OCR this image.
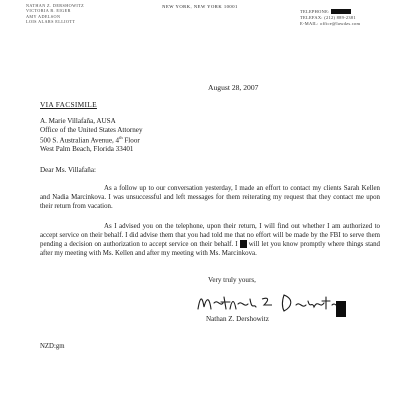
NATHAN Z. DERSHOWITZ
VICTORIA B. EIGER
AMY ADELSON
LOIS ALARS ELLIOTT
NEW YORK, NEW YORK 10001
TELEPHONE:
TELEFAX: (212) 889-2381
E-MAIL: office@lawdzs.com
August 28, 2007
VIA FACSIMILE
A. Marie Villafaña, AUSA
Office of the United States Attorney
500 S. Australian Avenue, 4th Floor
West Palm Beach, Florida 33401
Dear Ms. Villafaña:
As a follow up to our conversation yesterday, I made an effort to contact my clients Sarah Kellen and Nadia Marcinkova. I was unsuccessful and left messages for them reiterating my request that they contact me upon their return from vacation.
As I advised you on the telephone, upon their return, I will find out whether I am authorized to accept service on their behalf. I did advise them that you had told me that no effort will be made by the FBI to serve them pending a decision on authorization to accept service on their behalf. I will let you know promptly where things stand after my meeting with Ms. Kellen and after my meeting with Ms. Marcinkova.
Very truly yours,
Nathan Z. Dershowitz
NZD:gm
